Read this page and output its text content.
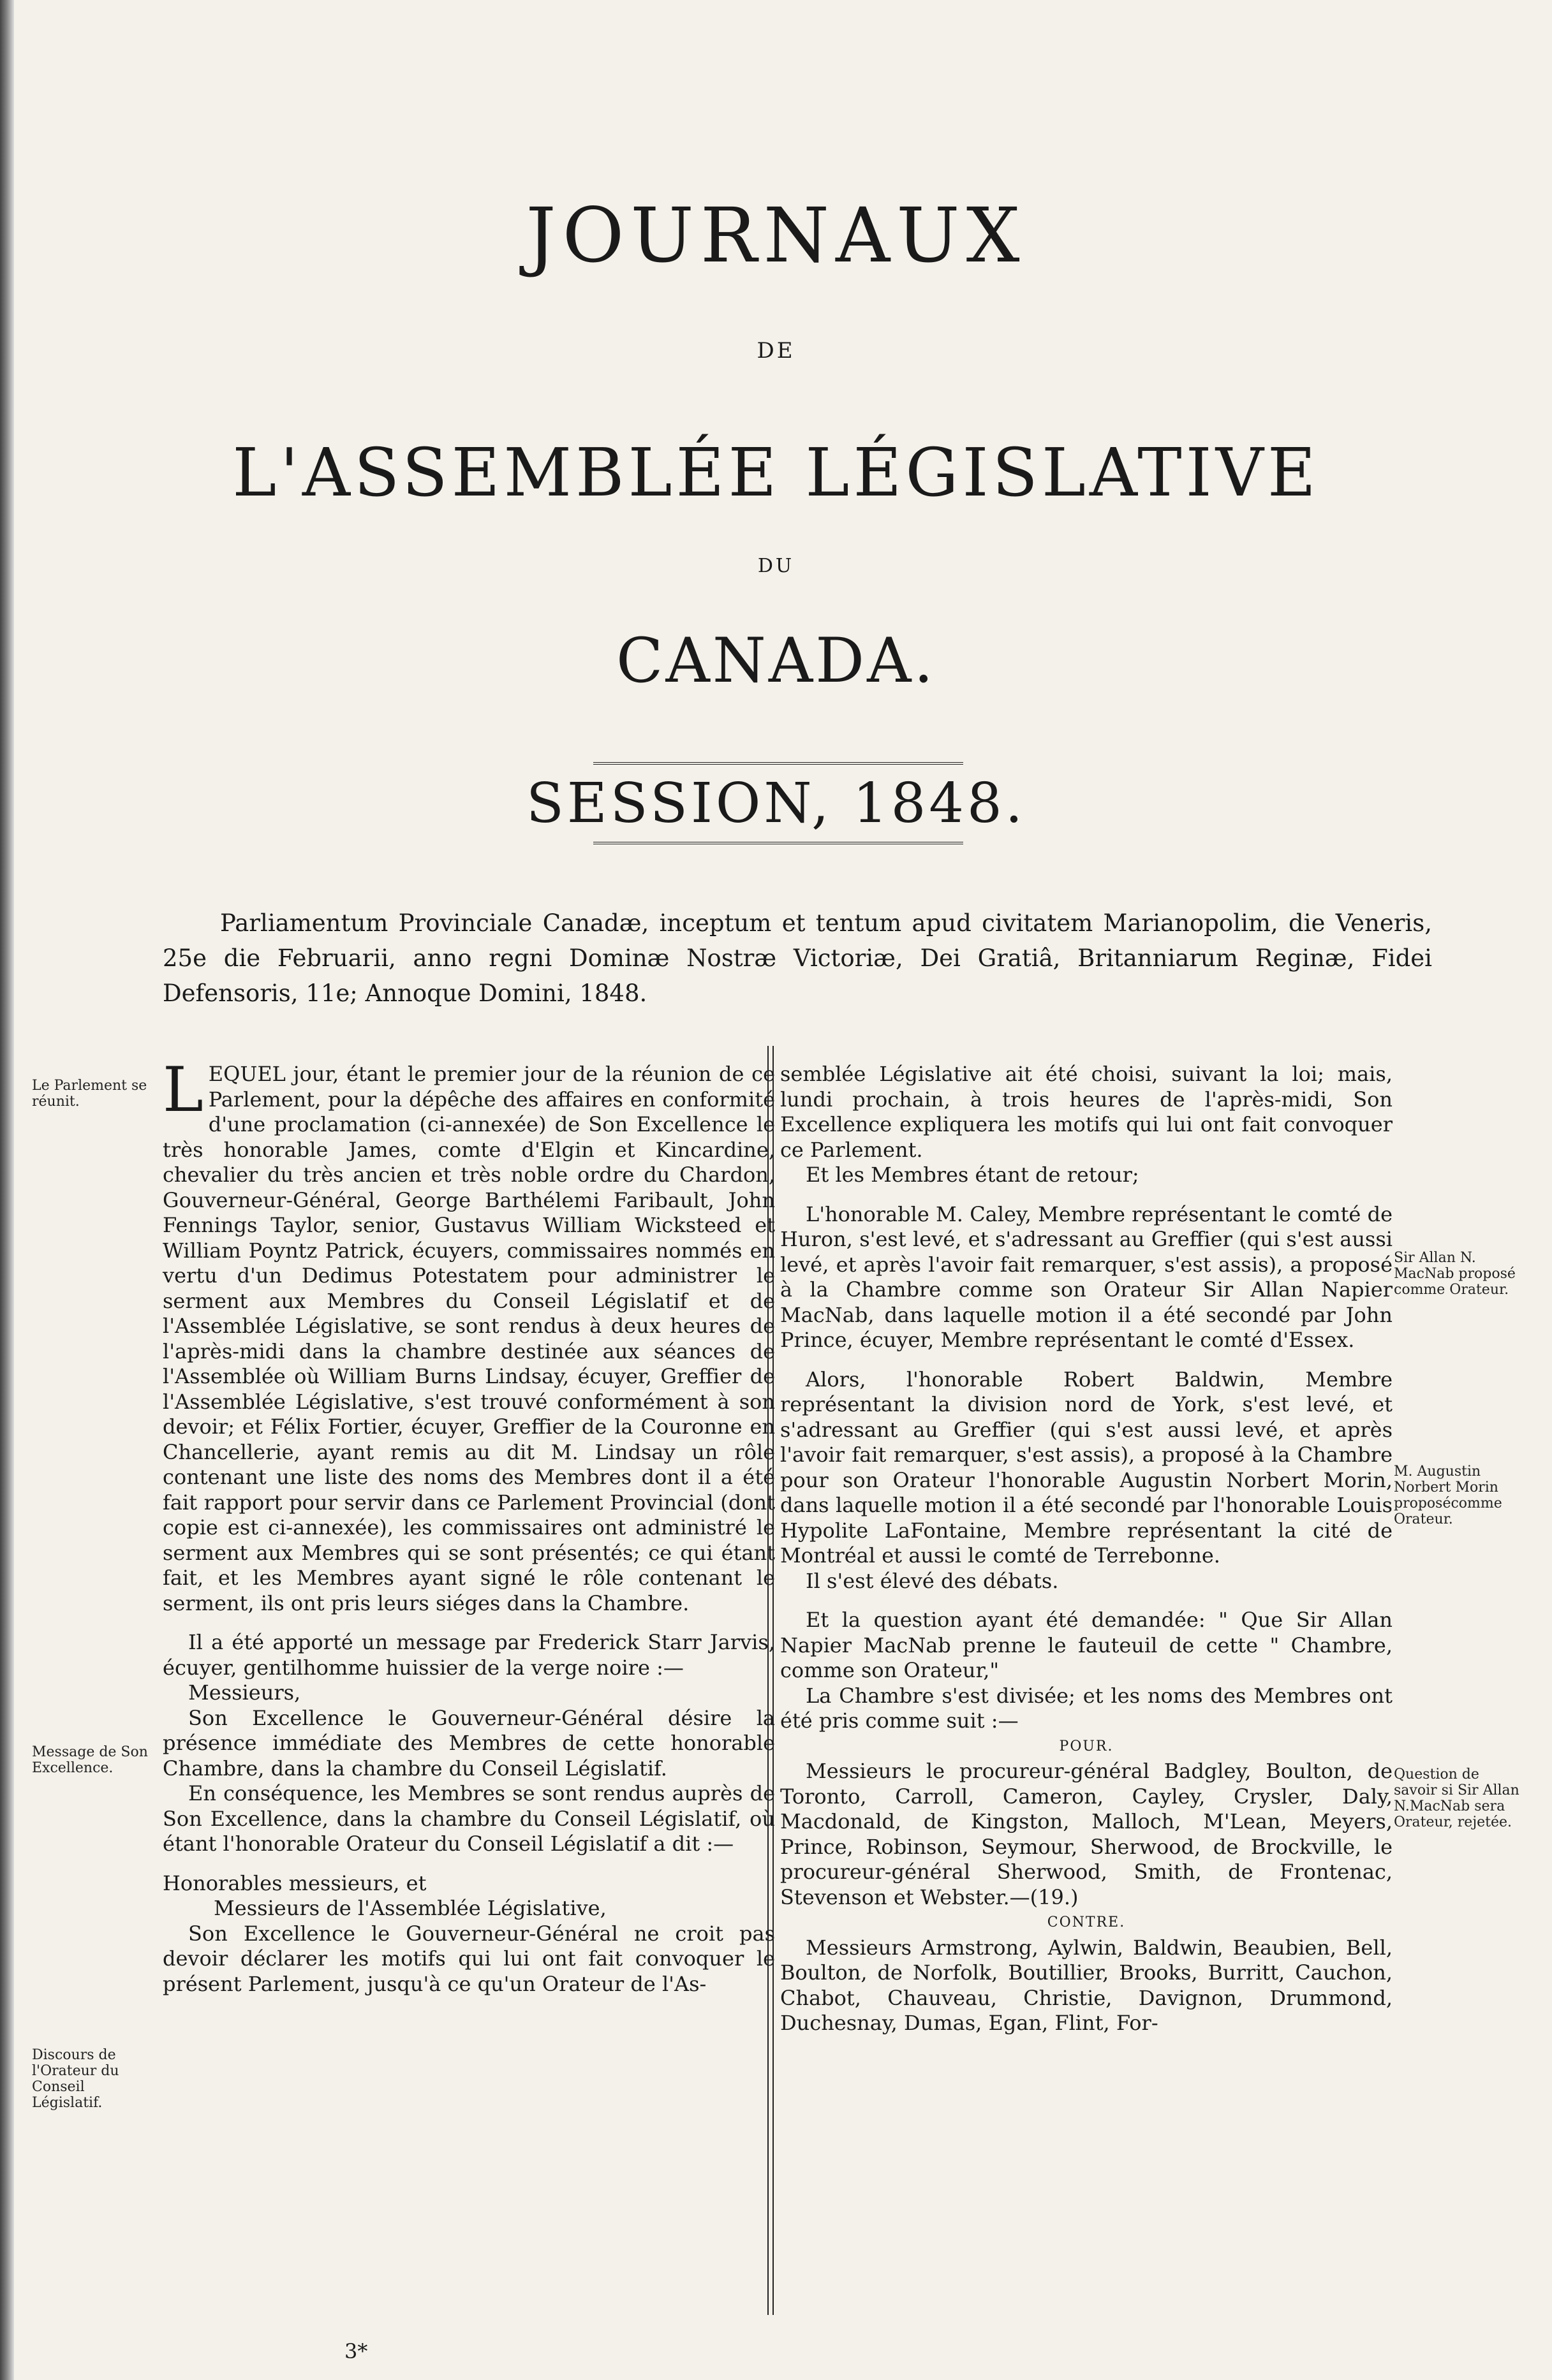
JOURNAUX
DE
L'ASSEMBLÉE LÉGISLATIVE
DU
CANADA.
SESSION, 1848.
Parliamentum Provinciale Canadæ, inceptum et tentum apud civitatem Marianopolim, die Veneris, 25e die Februarii, anno regni Dominæ Nostræ Victoriæ, Dei Gratiâ, Britanniarum Reginæ, Fidei Defensoris, 11e; Annoque Domini, 1848.
Le Parlement se réunit.
Message de Son Excellence.
Discours de l'Orateur du Conseil Législatif.
Sir Allan N. MacNab proposé comme Orateur.
M. Augustin Norbert Morin proposécomme Orateur.
Question de savoir si Sir Allan N.MacNab sera Orateur, rejetée.

LEQUEL jour, étant le premier jour de la réunion de ce Parlement, pour la dépêche des affaires en conformité d'une proclamation (ci-annexée) de Son Excellence le très honorable James, comte d'Elgin et Kincardine, chevalier du très ancien et très noble ordre du Chardon, Gouverneur-Général, George Barthélemi Faribault, John Fennings Taylor, senior, Gustavus William Wicksteed et William Poyntz Patrick, écuyers, commissaires nommés en vertu d'un Dedimus Potestatem pour administrer le serment aux Membres du Conseil Législatif et de l'Assemblée Législative, se sont rendus à deux heures de l'après-midi dans la chambre destinée aux séances de l'Assemblée où William Burns Lindsay, écuyer, Greffier de l'Assemblée Législative, s'est trouvé conformément à son devoir; et Félix Fortier, écuyer, Greffier de la Couronne en Chancellerie, ayant remis au dit M. Lindsay un rôle contenant une liste des noms des Membres dont il a été fait rapport pour servir dans ce Parlement Provincial (dont copie est ci-annexée), les commissaires ont administré le serment aux Membres qui se sont présentés; ce qui étant fait, et les Membres ayant signé le rôle contenant le serment, ils ont pris leurs siéges dans la Chambre.

Il a été apporté un message par Frederick Starr Jarvis, écuyer, gentilhomme huissier de la verge noire :—

Messieurs,

Son Excellence le Gouverneur-Général désire la présence immédiate des Membres de cette honorable Chambre, dans la chambre du Conseil Législatif.

En conséquence, les Membres se sont rendus auprès de Son Excellence, dans la chambre du Conseil Législatif, où étant l'honorable Orateur du Conseil Législatif a dit :—

Honorables messieurs, et

Messieurs de l'Assemblée Législative,

Son Excellence le Gouverneur-Général ne croit pas devoir déclarer les motifs qui lui ont fait convoquer le présent Parlement, jusqu'à ce qu'un Orateur de l'As-

semblée Législative ait été choisi, suivant la loi; mais, lundi prochain, à trois heures de l'après-midi, Son Excellence expliquera les motifs qui lui ont fait convoquer ce Parlement.

Et les Membres étant de retour;

L'honorable M. Caley, Membre représentant le comté de Huron, s'est levé, et s'adressant au Greffier (qui s'est aussi levé, et après l'avoir fait remarquer, s'est assis), a proposé à la Chambre comme son Orateur Sir Allan Napier MacNab, dans laquelle motion il a été secondé par John Prince, écuyer, Membre représentant le comté d'Essex.

Alors, l'honorable Robert Baldwin, Membre représentant la division nord de York, s'est levé, et s'adressant au Greffier (qui s'est aussi levé, et après l'avoir fait remarquer, s'est assis), a proposé à la Chambre pour son Orateur l'honorable Augustin Norbert Morin, dans laquelle motion il a été secondé par l'honorable Louis Hypolite LaFontaine, Membre représentant la cité de Montréal et aussi le comté de Terrebonne.

Il s'est élevé des débats.

Et la question ayant été demandée: " Que Sir Allan Napier MacNab prenne le fauteuil de cette " Chambre, comme son Orateur,"

La Chambre s'est divisée; et les noms des Membres ont été pris comme suit :—

POUR.

Messieurs le procureur-général Badgley, Boulton, de Toronto, Carroll, Cameron, Cayley, Crysler, Daly, Macdonald, de Kingston, Malloch, M'Lean, Meyers, Prince, Robinson, Seymour, Sherwood, de Brockville, le procureur-général Sherwood, Smith, de Frontenac, Stevenson et Webster.—(19.)

CONTRE.

Messieurs Armstrong, Aylwin, Baldwin, Beaubien, Bell, Boulton, de Norfolk, Boutillier, Brooks, Burritt, Cauchon, Chabot, Chauveau, Christie, Davignon, Drummond, Duchesnay, Dumas, Egan, Flint, For-

3*
